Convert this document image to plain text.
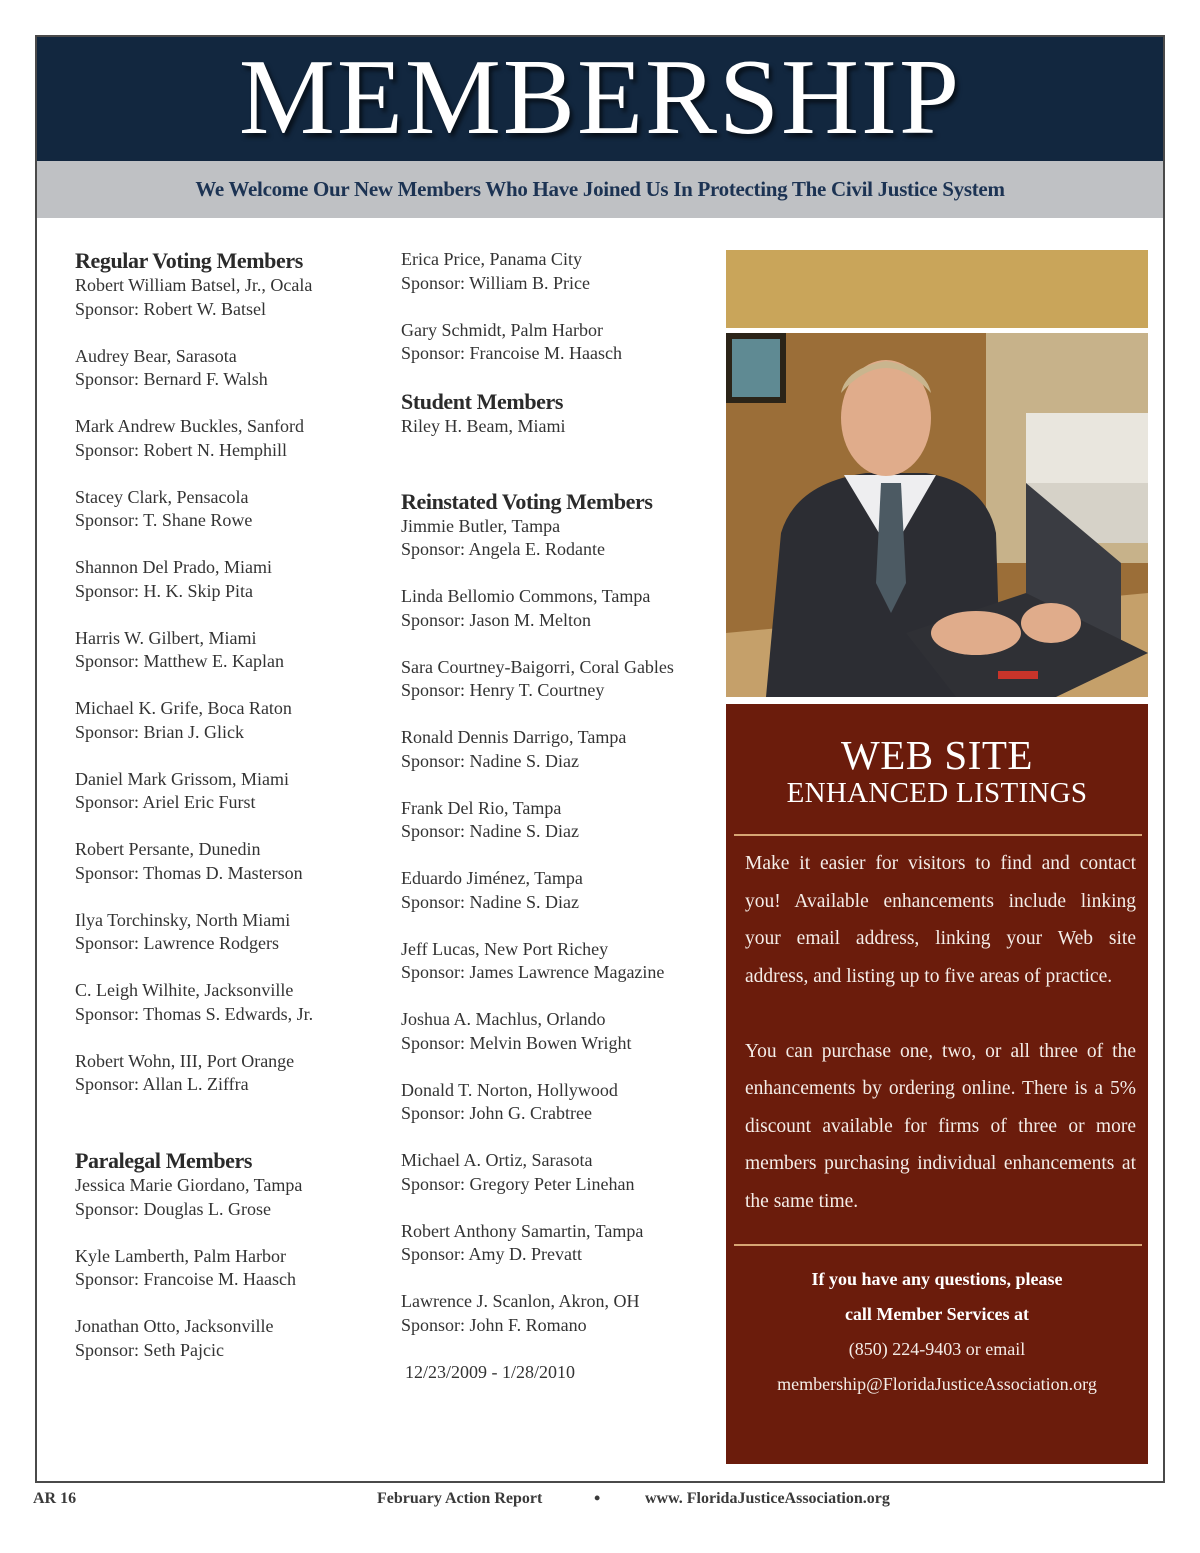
MEMBERSHIP

We Welcome Our New Members Who Have Joined Us In Protecting The Civil Justice System

Regular Voting Members
Robert William Batsel, Jr., Ocala
Sponsor: Robert W. Batsel
Audrey Bear, Sarasota
Sponsor: Bernard F. Walsh
Mark Andrew Buckles, Sanford
Sponsor: Robert N. Hemphill
Stacey Clark, Pensacola
Sponsor: T. Shane Rowe
Shannon Del Prado, Miami
Sponsor: H. K. Skip Pita
Harris W. Gilbert, Miami
Sponsor: Matthew E. Kaplan
Michael K. Grife, Boca Raton
Sponsor: Brian J. Glick
Daniel Mark Grissom, Miami
Sponsor: Ariel Eric Furst
Robert Persante, Dunedin
Sponsor: Thomas D. Masterson
Ilya Torchinsky, North Miami
Sponsor: Lawrence Rodgers
C. Leigh Wilhite, Jacksonville
Sponsor: Thomas S. Edwards, Jr.
Robert Wohn, III, Port Orange
Sponsor: Allan L. Ziffra
Paralegal Members
Jessica Marie Giordano, Tampa
Sponsor: Douglas L. Grose
Kyle Lamberth, Palm Harbor
Sponsor: Francoise M. Haasch
Jonathan Otto, Jacksonville
Sponsor: Seth Pajcic
Erica Price, Panama City
Sponsor: William B. Price
Gary Schmidt, Palm Harbor
Sponsor: Francoise M. Haasch
Student Members
Riley H. Beam, Miami
Reinstated Voting Members
Jimmie Butler, Tampa
Sponsor: Angela E. Rodante
Linda Bellomio Commons, Tampa
Sponsor: Jason M. Melton
Sara Courtney-Baigorri, Coral Gables
Sponsor: Henry T. Courtney
Ronald Dennis Darrigo, Tampa
Sponsor: Nadine S. Diaz
Frank Del Rio, Tampa
Sponsor: Nadine S. Diaz
Eduardo Jiménez, Tampa
Sponsor: Nadine S. Diaz
Jeff Lucas, New Port Richey
Sponsor: James Lawrence Magazine
Joshua A. Machlus, Orlando
Sponsor: Melvin Bowen Wright
Donald T. Norton, Hollywood
Sponsor: John G. Crabtree
Michael A. Ortiz, Sarasota
Sponsor: Gregory Peter Linehan
Robert Anthony Samartin, Tampa
Sponsor: Amy D. Prevatt
Lawrence J. Scanlon, Akron, OH
Sponsor: John F. Romano
12/23/2009 - 1/28/2010
WEB SITE
ENHANCED LISTINGS

Make it easier for visitors to find and contact you! Available enhancements include linking your email address, linking your Web site address, and listing up to five areas of practice.

You can purchase one, two, or all three of the enhancements by ordering online. There is a 5% discount available for firms of three or more members purchasing individual enhancements at the same time.

If you have any questions, please
call Member Services at
(850) 224-9403 or email
membership@FloridaJusticeAssociation.org
AR 16	February Action Report	•	www. FloridaJusticeAssociation.org
